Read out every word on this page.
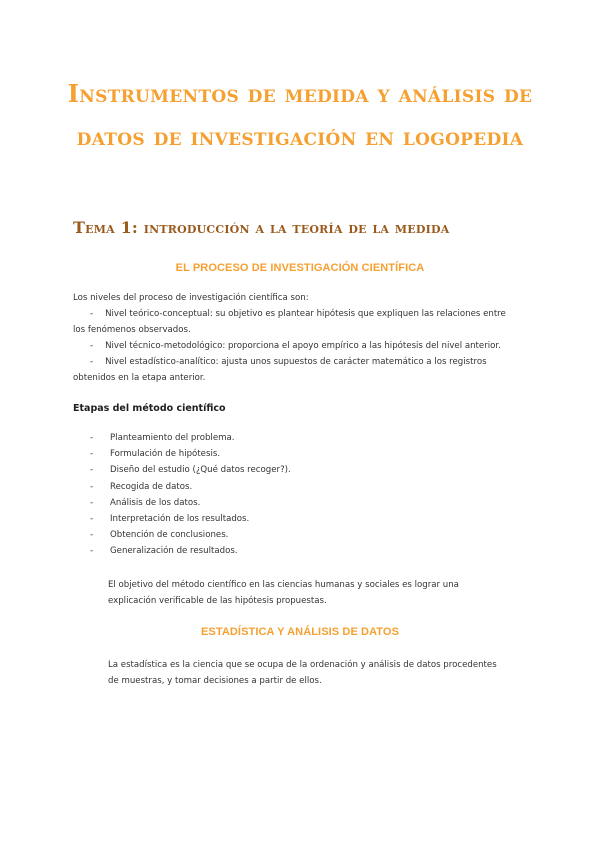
Instrumentos de medida y análisis de datos de investigación en logopedia
Tema 1: introducción a la teoría de la medida
EL PROCESO DE INVESTIGACIÓN CIENTÍFICA

Los niveles del proceso de investigación científica son:

- Nivel teórico-conceptual: su objetivo es plantear hipótesis que expliquen las relaciones entre los fenómenos observados.
- Nivel técnico-metodológico: proporciona el apoyo empírico a las hipótesis del nivel anterior.
- Nivel estadístico-analítico: ajusta unos supuestos de carácter matemático a los registros obtenidos en la etapa anterior.
Etapas del método científico
- Planteamiento del problema.
- Formulación de hipótesis.
- Diseño del estudio (¿Qué datos recoger?).
- Recogida de datos.
- Análisis de los datos.
- Interpretación de los resultados.
- Obtención de conclusiones.
- Generalización de resultados.

El objetivo del método científico en las ciencias humanas y sociales es lograr una explicación verificable de las hipótesis propuestas.

ESTADÍSTICA Y ANÁLISIS DE DATOS

La estadística es la ciencia que se ocupa de la ordenación y análisis de datos procedentes de muestras, y tomar decisiones a partir de ellos.
